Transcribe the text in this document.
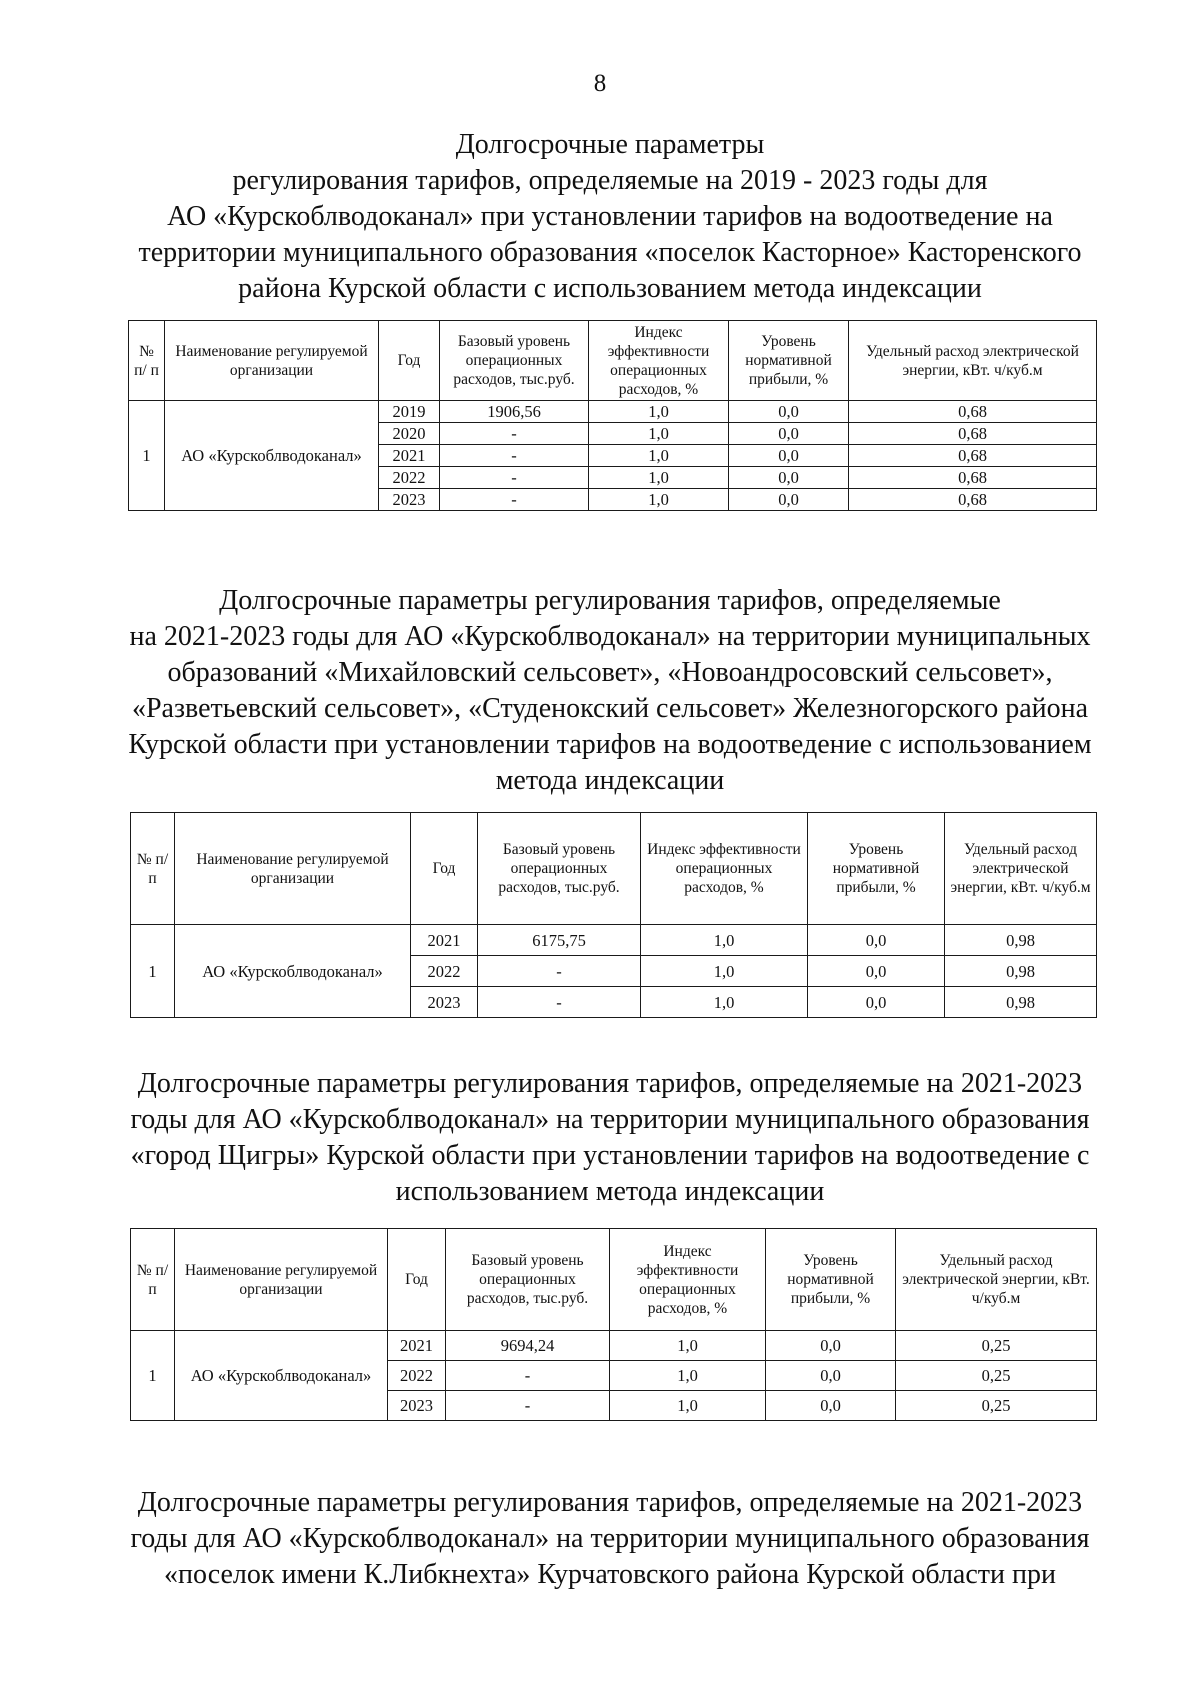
8
Долгосрочные параметры
регулирования тарифов, определяемые на 2019 - 2023 годы для
АО «Курскоблводоканал» при установлении тарифов на водоотведение на
территории муниципального образования «поселок Касторное» Касторенского
района Курской области с использованием метода индексации
№ п/ п	Наименование регулируемой организации	Год	Базовый уровень операционных расходов, тыс.руб.	Индекс эффективности операционных расходов, %	Уровень нормативной прибыли, %	Удельный расход электрической энергии, кВт. ч/куб.м
1	АО «Курскоблводоканал»	2019	1906,56	1,0	0,0	0,68
		2020	-	1,0	0,0	0,68
		2021	-	1,0	0,0	0,68
		2022	-	1,0	0,0	0,68
		2023	-	1,0	0,0	0,68
Долгосрочные параметры регулирования тарифов, определяемые
на 2021-2023 годы для АО «Курскоблводоканал» на территории муниципальных
образований «Михайловский сельсовет», «Новоандросовский сельсовет»,
«Разветьевский сельсовет», «Студенокский сельсовет» Железногорского района
Курской области при установлении тарифов на водоотведение с использованием
метода индексации
№ п/п	Наименование регулируемой организации	Год	Базовый уровень операционных расходов, тыс.руб.	Индекс эффективности операционных расходов, %	Уровень нормативной прибыли, %	Удельный расход электрической энергии, кВт. ч/куб.м
1	АО «Курскоблводоканал»	2021	6175,75	1,0	0,0	0,98
		2022	-	1,0	0,0	0,98
		2023	-	1,0	0,0	0,98
Долгосрочные параметры регулирования тарифов, определяемые на 2021-2023
годы для АО «Курскоблводоканал» на территории муниципального образования
«город Щигры» Курской области при установлении тарифов на водоотведение с
использованием метода индексации
№ п/п	Наименование регулируемой организации	Год	Базовый уровень операционных расходов, тыс.руб.	Индекс эффективности операционных расходов, %	Уровень нормативной прибыли, %	Удельный расход электрической энергии, кВт. ч/куб.м
1	АО «Курскоблводоканал»	2021	9694,24	1,0	0,0	0,25
		2022	-	1,0	0,0	0,25
		2023	-	1,0	0,0	0,25
Долгосрочные параметры регулирования тарифов, определяемые на 2021-2023
годы для АО «Курскоблводоканал» на территории муниципального образования
«поселок имени К.Либкнехта» Курчатовского района Курской области при
